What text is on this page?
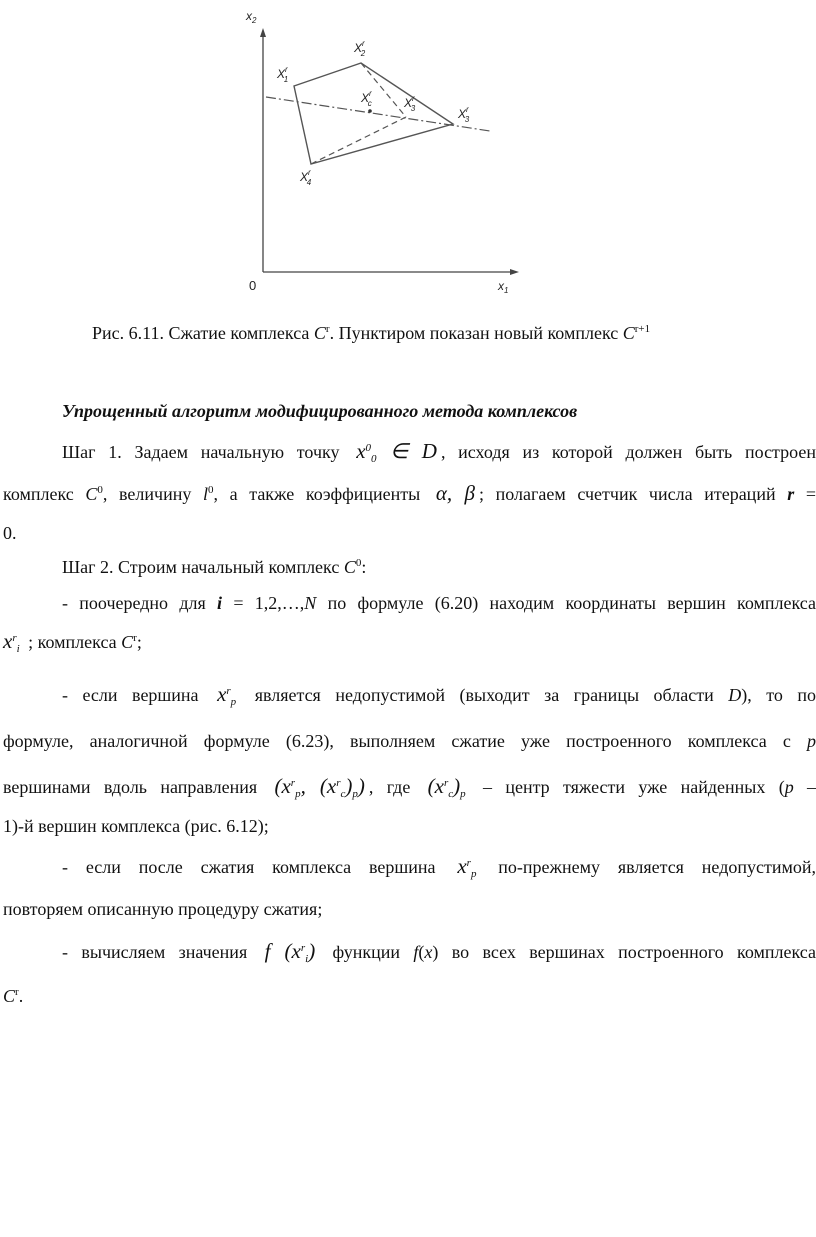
$x_2$
$x_1$
0
$X^r$ 1
$X^r$ 2
$X^r$ c	$X^r$ 3	$X^r$ 3
$X^r$ 4
Рис. 6.11. Сжатие комплекса $C^r$. Пунктиром показан новый комплекс $C^{r+1}$
Упрощенный алгоритм модифицированного метода комплексов
Шаг 1. Задаем начальную точку $x^0_0$ ∈ D , исходя из которой должен быть построен
комплекс $C^0$, величину $l^0$, а также коэффициенты α, β ; полагаем счетчик числа итераций r =
0.
Шаг 2. Строим начальный комплекс $C^0$:
- поочередно для i = 1,2,…,N по формуле (6.20) находим координаты вершин комплекса
$x^r_i$ ; комплекса $C^r$;
- если вершина $x^r_p$ является недопустимой (выходит за границы области D), то по
формуле, аналогичной формуле (6.23), выполняем сжатие уже построенного комплекса с p
вершинами вдоль направления ($x^r_p$, $(x^r_c)_p$) , где $(x^r_c)_p$ – центр тяжести уже найденных (p –
1)-й вершин комплекса (рис. 6.12);
- если после сжатия комплекса вершина $x^r_p$ по-прежнему является недопустимой,
повторяем описанную процедуру сжатия;
- вычисляем значения f $(x^r_i)$ функции f(x) во всех вершинах построенного комплекса
$C^r$.
